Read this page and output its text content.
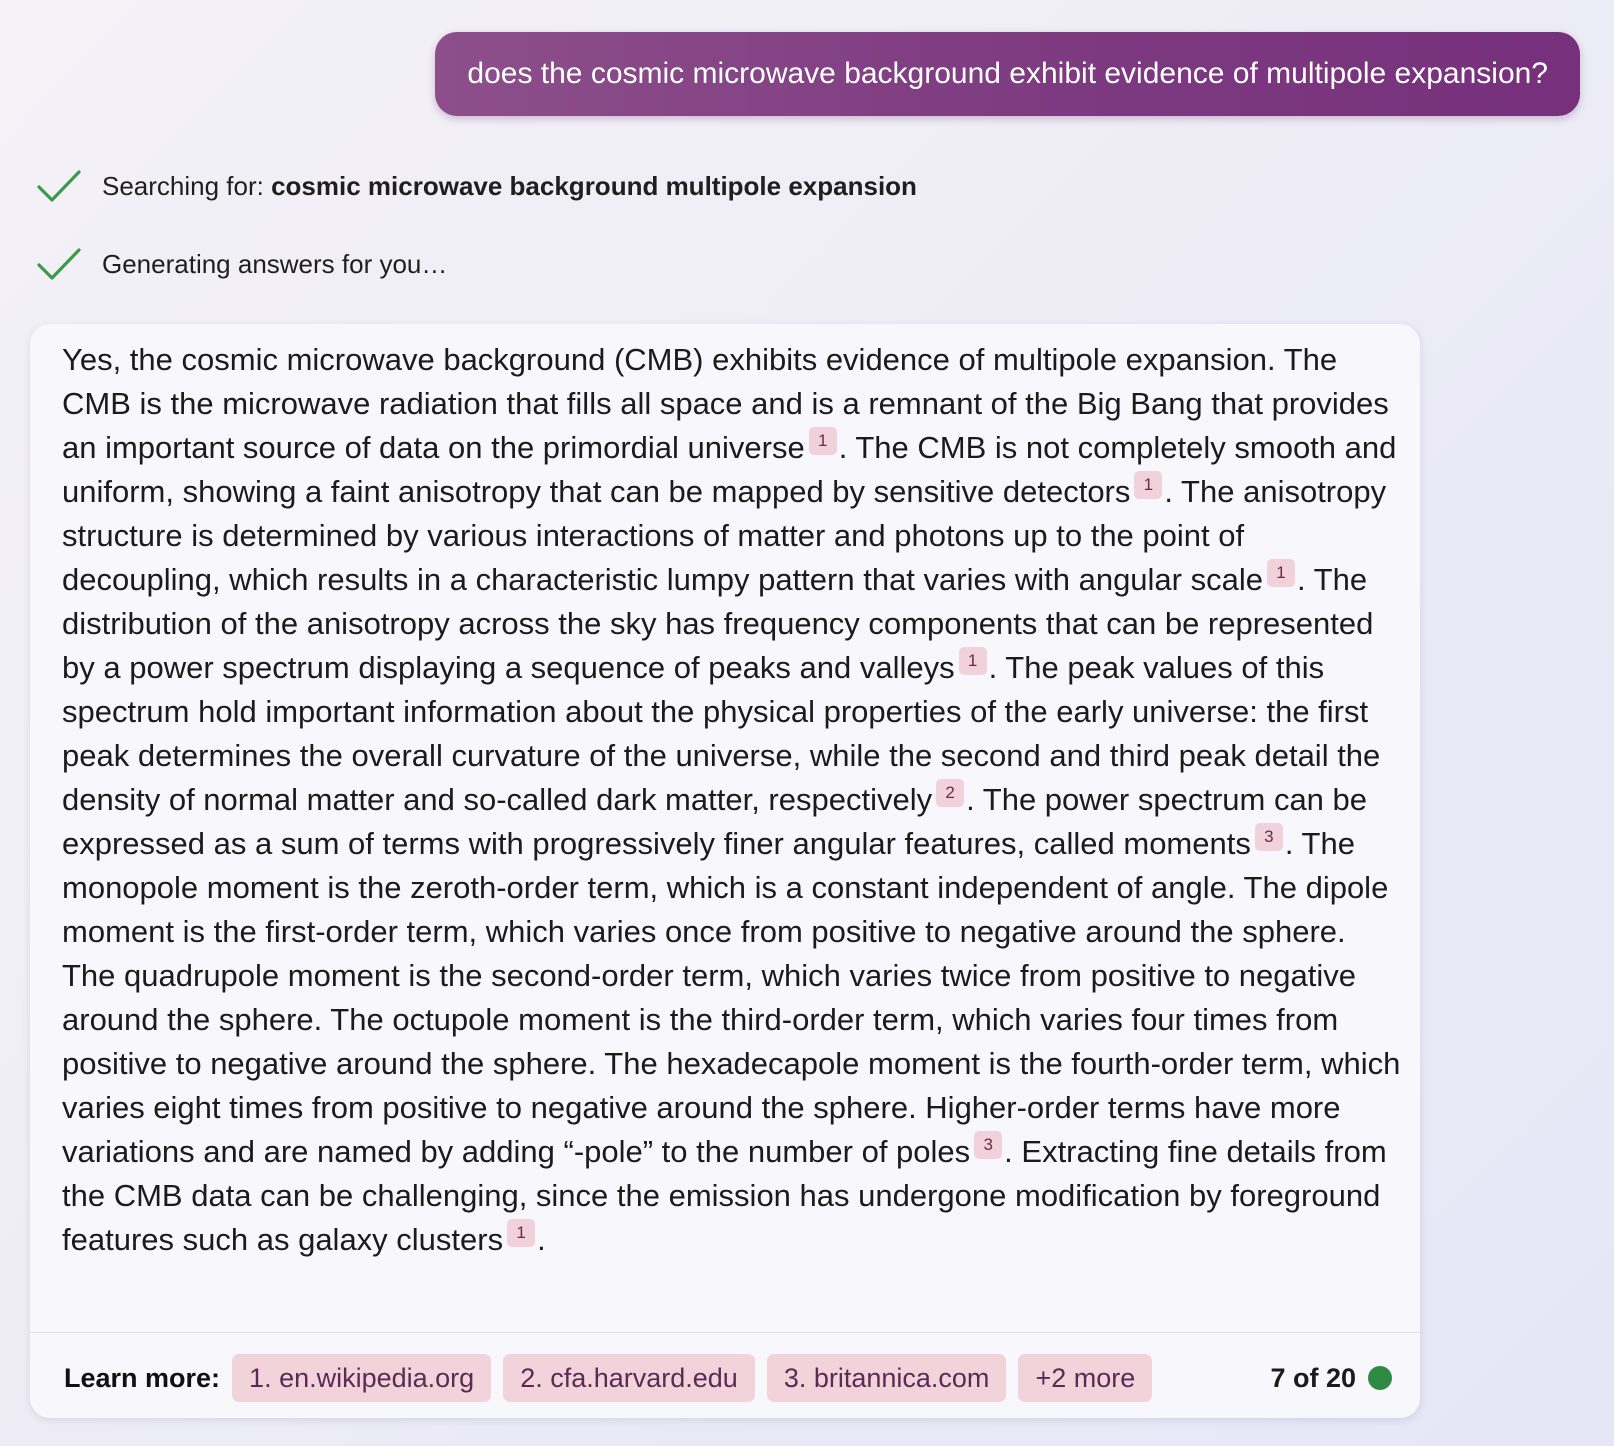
does the cosmic microwave background exhibit evidence of multipole expansion?
Searching for: cosmic microwave background multipole expansion
Generating answers for you…
Yes, the cosmic microwave background (CMB) exhibits evidence of multipole expansion. The CMB is the microwave radiation that fills all space and is a remnant of the Big Bang that provides an important source of data on the primordial universe 1 . The CMB is not completely smooth and uniform, showing a faint anisotropy that can be mapped by sensitive detectors 1 . The anisotropy structure is determined by various interactions of matter and photons up to the point of decoupling, which results in a characteristic lumpy pattern that varies with angular scale 1 . The distribution of the anisotropy across the sky has frequency components that can be represented by a power spectrum displaying a sequence of peaks and valleys 1 . The peak values of this spectrum hold important information about the physical properties of the early universe: the first peak determines the overall curvature of the universe, while the second and third peak detail the density of normal matter and so-called dark matter, respectively 2 . The power spectrum can be expressed as a sum of terms with progressively finer angular features, called moments 3 . The monopole moment is the zeroth-order term, which is a constant independent of angle. The dipole moment is the first-order term, which varies once from positive to negative around the sphere. The quadrupole moment is the second-order term, which varies twice from positive to negative around the sphere. The octupole moment is the third-order term, which varies four times from positive to negative around the sphere. The hexadecapole moment is the fourth-order term, which varies eight times from positive to negative around the sphere. Higher-order terms have more variations and are named by adding “-pole” to the number of poles 3 . Extracting fine details from the CMB data can be challenging, since the emission has undergone modification by foreground features such as galaxy clusters 1 .
Learn more:	1. en.wikipedia.org	2. cfa.harvard.edu	3. britannica.com	+2 more	7 of 20
